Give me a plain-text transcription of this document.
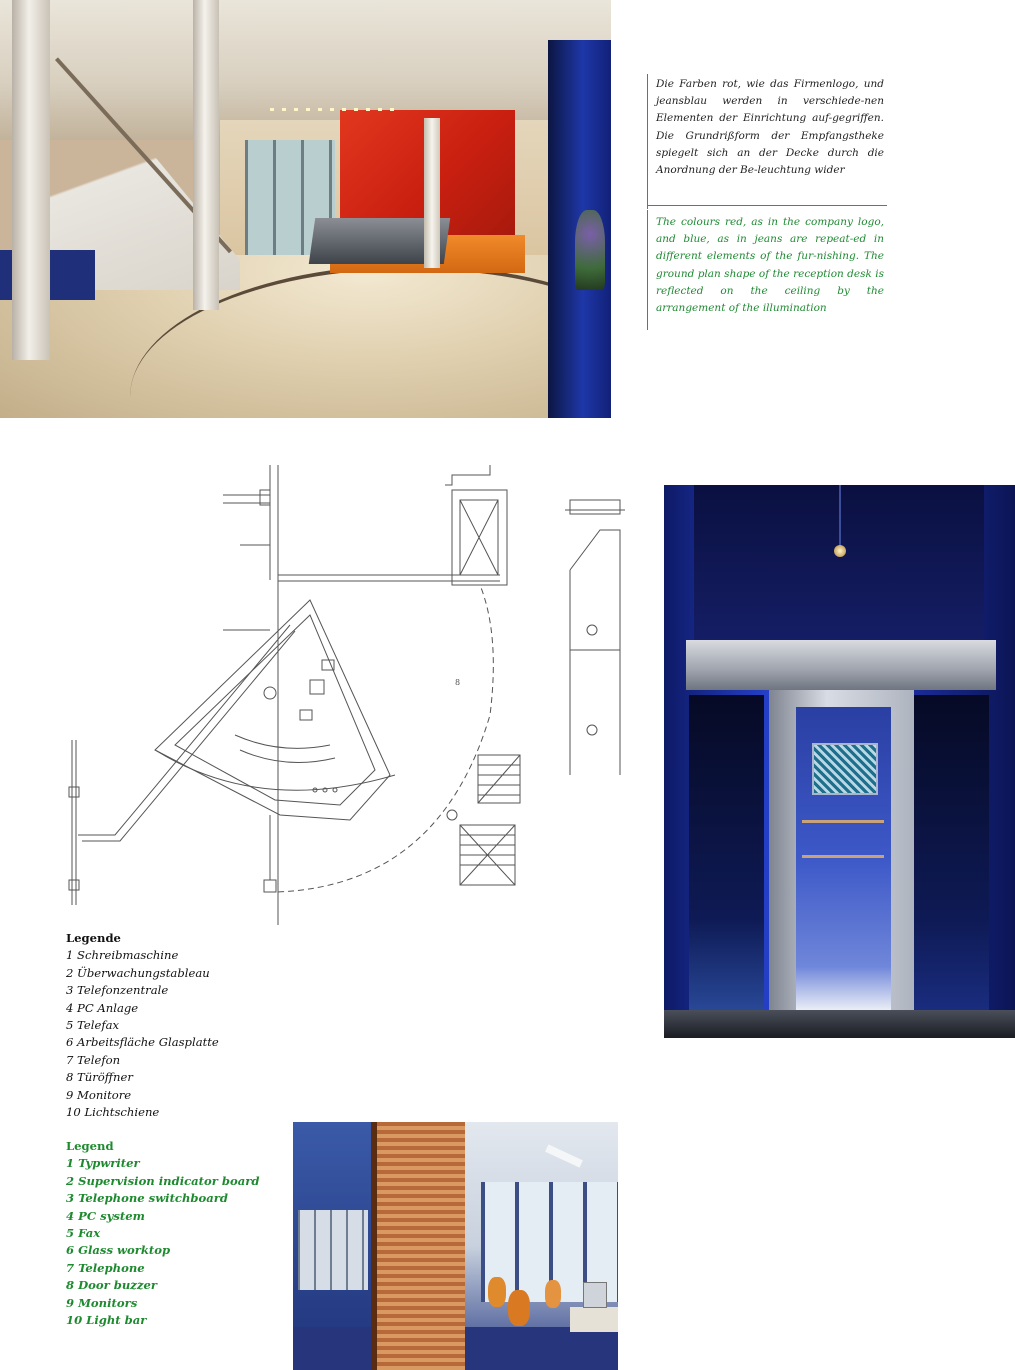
Die Farben rot, wie das Firmenlogo, und jeansblau werden in verschiede-nen Elementen der Einrichtung auf-gegriffen. Die Grundrißform der Empfangstheke spiegelt sich an der Decke durch die Anordnung der Be-leuchtung wider
The colours red, as in the company logo, and blue, as in jeans are repeat-ed in different elements of the fur-nishing. The ground plan shape of the reception desk is reflected on the ceiling by the arrangement of the illumination
8
Legende
1 Schreibmaschine
2 Überwachungstableau
3 Telefonzentrale
4 PC Anlage
5 Telefax
6 Arbeitsfläche Glasplatte
7 Telefon
8 Türöffner
9 Monitore
10 Lichtschiene
Legend
1 Typwriter
2 Supervision indicator board
3 Telephone switchboard
4 PC system
5 Fax
6 Glass worktop
7 Telephone
8 Door buzzer
9 Monitors
10 Light bar
